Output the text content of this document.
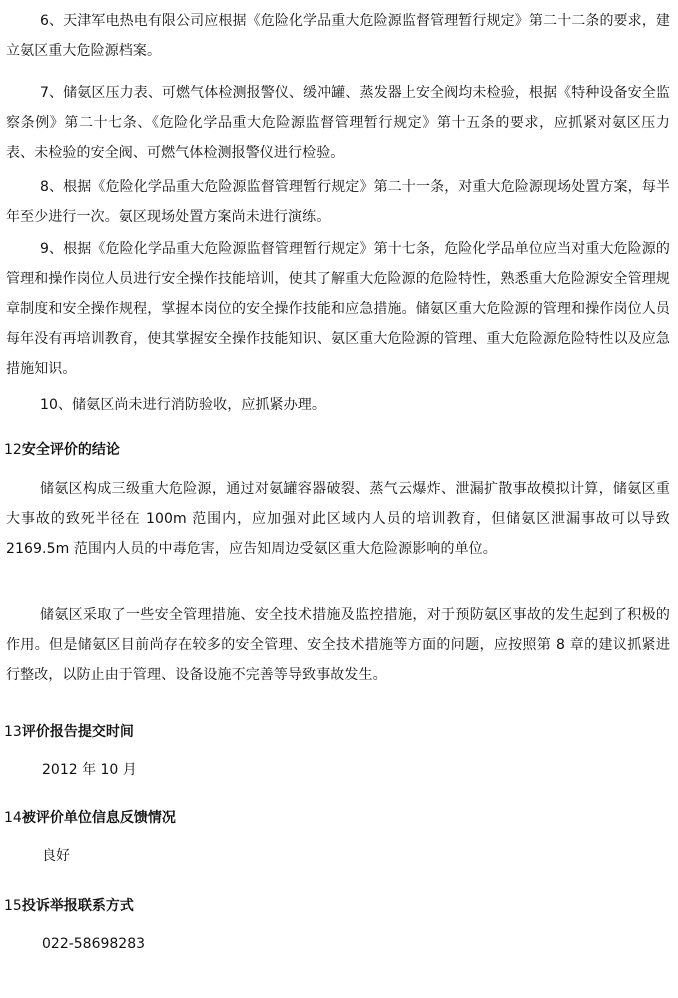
6、天津军电热电有限公司应根据《危险化学品重大危险源监督管理暂行规定》第二十二条的要求，建立氨区重大危险源档案。

7、储氨区压力表、可燃气体检测报警仪、缓冲罐、蒸发器上安全阀均未检验，根据《特种设备安全监察条例》第二十七条、《危险化学品重大危险源监督管理暂行规定》第十五条的要求，应抓紧对氨区压力表、未检验的安全阀、可燃气体检测报警仪进行检验。

8、根据《危险化学品重大危险源监督管理暂行规定》第二十一条，对重大危险源现场处置方案，每半年至少进行一次。氨区现场处置方案尚未进行演练。

9、根据《危险化学品重大危险源监督管理暂行规定》第十七条，危险化学品单位应当对重大危险源的管理和操作岗位人员进行安全操作技能培训，使其了解重大危险源的危险特性，熟悉重大危险源安全管理规章制度和安全操作规程，掌握本岗位的安全操作技能和应急措施。储氨区重大危险源的管理和操作岗位人员每年没有再培训教育，使其掌握安全操作技能知识、氨区重大危险源的管理、重大危险源危险特性以及应急措施知识。

10、储氨区尚未进行消防验收，应抓紧办理。

12安全评价的结论

储氨区构成三级重大危险源，通过对氨罐容器破裂、蒸气云爆炸、泄漏扩散事故模拟计算，储氨区重大事故的致死半径在 100m 范围内，应加强对此区域内人员的培训教育，但储氨区泄漏事故可以导致 2169.5m 范围内人员的中毒危害，应告知周边受氨区重大危险源影响的单位。

储氨区采取了一些安全管理措施、安全技术措施及监控措施，对于预防氨区事故的发生起到了积极的作用。但是储氨区目前尚存在较多的安全管理、安全技术措施等方面的问题，应按照第 8 章的建议抓紧进行整改，以防止由于管理、设备设施不完善等导致事故发生。

13评价报告提交时间

2012 年 10 月

14被评价单位信息反馈情况

良好

15投诉举报联系方式

022-58698283
